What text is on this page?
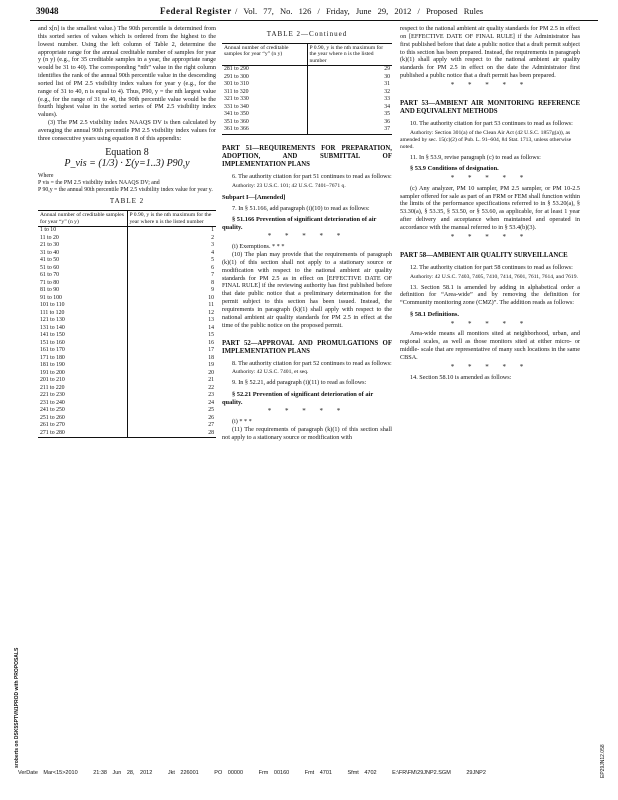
39048	Federal Register / Vol. 77, No. 126 / Friday, June 29, 2012 / Proposed Rules
and x[n] is the smallest value.) The 90th percentile is determined from this sorted series of values which is ordered from the highest to the lowest number. Using the left column of Table 2, determine the appropriate range for the annual creditable number of samples for year y (n y) (e.g., for 35 creditable samples in a year, the appropriate range would be 31 to 40). The corresponding “nth” value in the right column identifies the rank of the annual 90th percentile value in the descending sorted list of PM 2.5 visibility index values for year y (e.g., for the range of 31 to 40, n is equal to 4). Thus, P90, y = the nth largest value (e.g., for the range of 31 to 40, the 90th percentile value would be the fourth highest value in the sorted series of PM 2.5 visibility index values).
(3) The PM 2.5 visibility index NAAQS DV is then calculated by averaging the annual 90th percentile PM 2.5 visibility index values for three consecutive years using equation 8 of this appendix:
Equation 8
P_vis = (1/3) · Σ(y=1..3) P90,y
Where
P vis = the PM 2.5 visibility index NAAQS DV; and
P 90,y = the annual 90th percentile PM 2.5 visibility index value for year y.
TABLE 2
Annual number of creditable samples for year “y” (n y)	P 0.90, y is the nth maximum for the year where n is the listed number
1 to 10	1
11 to 20	2
21 to 30	3
31 to 40	4
41 to 50	5
51 to 60	6
61 to 70	7
71 to 80	8
81 to 90	9
91 to 100	10
101 to 110	11
111 to 120	12
121 to 130	13
131 to 140	14
141 to 150	15
151 to 160	16
161 to 170	17
171 to 180	18
181 to 190	19
191 to 200	20
201 to 210	21
211 to 220	22
221 to 230	23
231 to 240	24
241 to 250	25
251 to 260	26
261 to 270	27
271 to 280	28
TABLE 2—Continued
Annual number of creditable samples for year “y” (n y)	P 0.90, y is the nth maximum for the year where n is the listed number
281 to 290	29
291 to 300	30
301 to 310	31
311 to 320	32
321 to 330	33
331 to 340	34
341 to 350	35
351 to 360	36
361 to 366	37
PART 51—REQUIREMENTS FOR PREPARATION, ADOPTION, AND SUBMITTAL OF IMPLEMENTATION PLANS
6. The authority citation for part 51 continues to read as follows:
Authority: 23 U.S.C. 101; 42 U.S.C. 7401–7671 q.
Subpart I—[Amended]
7. In § 51.166, add paragraph (i)(10) to read as follows:
§ 51.166 Prevention of significant deterioration of air quality.
* * * * *
(i) Exemptions. * * *
(10) The plan may provide that the requirements of paragraph (k)(1) of this section shall not apply to a stationary source or modification with respect to the national ambient air quality standards for PM 2.5 as in effect on [EFFECTIVE DATE OF FINAL RULE] if the reviewing authority has first published before that date public notice that a preliminary determination for the permit subject to this section has been issued. Instead, the requirements in paragraph (k)(1) shall apply with respect to the national ambient air quality standards for PM 2.5 in effect at the time of the public notice on the proposed permit.
PART 52—APPROVAL AND PROMULGATIONS OF IMPLEMENTATION PLANS
8. The authority citation for part 52 continues to read as follows:
Authority: 42 U.S.C. 7401, et seq.
9. In § 52.21, add paragraph (i)(11) to read as follows:
§ 52.21 Prevention of significant deterioration of air quality.
* * * * *
(i) * * *
(11) The requirements of paragraph (k)(1) of this section shall not apply to a stationary source or modification with
respect to the national ambient air quality standards for PM 2.5 in effect on [EFFECTIVE DATE OF FINAL RULE] if the Administrator has first published before that date a public notice that a draft permit subject to this section has been prepared. Instead, the requirements in paragraph (k)(1) shall apply with respect to the national ambient air quality standards for PM 2.5 in effect on the date the Administrator first published a public notice that a draft permit has been prepared.
* * * * *
PART 53—AMBIENT AIR MONITORING REFERENCE AND EQUIVALENT METHODS
10. The authority citation for part 53 continues to read as follows:
Authority: Section 301(a) of the Clean Air Act (42 U.S.C. 1857g(a)), as amended by sec. 15(c)(2) of Pub. L. 91–604, 84 Stat. 1713, unless otherwise noted.
11. In § 53.9, revise paragraph (c) to read as follows:
§ 53.9 Conditions of designation.
* * * * *
(c) Any analyzer, PM 10 sampler, PM 2.5 sampler, or PM 10-2.5 sampler offered for sale as part of an FRM or FEM shall function within the limits of the performance specifications referred to in § 53.20(a), § 53.30(a), § 53.35, § 53.50, or § 53.60, as applicable, for at least 1 year after delivery and acceptance when maintained and operated in accordance with the manual referred to in § 53.4(b)(3).
* * * * *
PART 58—AMBIENT AIR QUALITY SURVEILLANCE
12. The authority citation for part 58 continues to read as follows:
Authority: 42 U.S.C. 7403, 7405, 7410, 7414, 7601, 7611, 7614, and 7619.
13. Section 58.1 is amended by adding in alphabetical order a definition for “Area-wide” and by removing the definition for “Community monitoring zone (CMZ)”. The addition reads as follows:
§ 58.1 Definitions.
* * * * *
Area-wide means all monitors sited at neighborhood, urban, and regional scales, as well as those monitors sited at either micro- or middle- scale that are representative of many such locations in the same CBSA.
* * * * *
14. Section 58.10 is amended as follows:
sroberts on DSK5SPTVN1PROD with PROPOSALS	EP29JN12.058
VerDate Mar<15>2010	21:38 Jun 28, 2012	Jkt 226001	PO 00000	Frm 00160	Fmt 4701	Sfmt 4702	E:\FR\FM\29JNP2.SGM	29JNP2
